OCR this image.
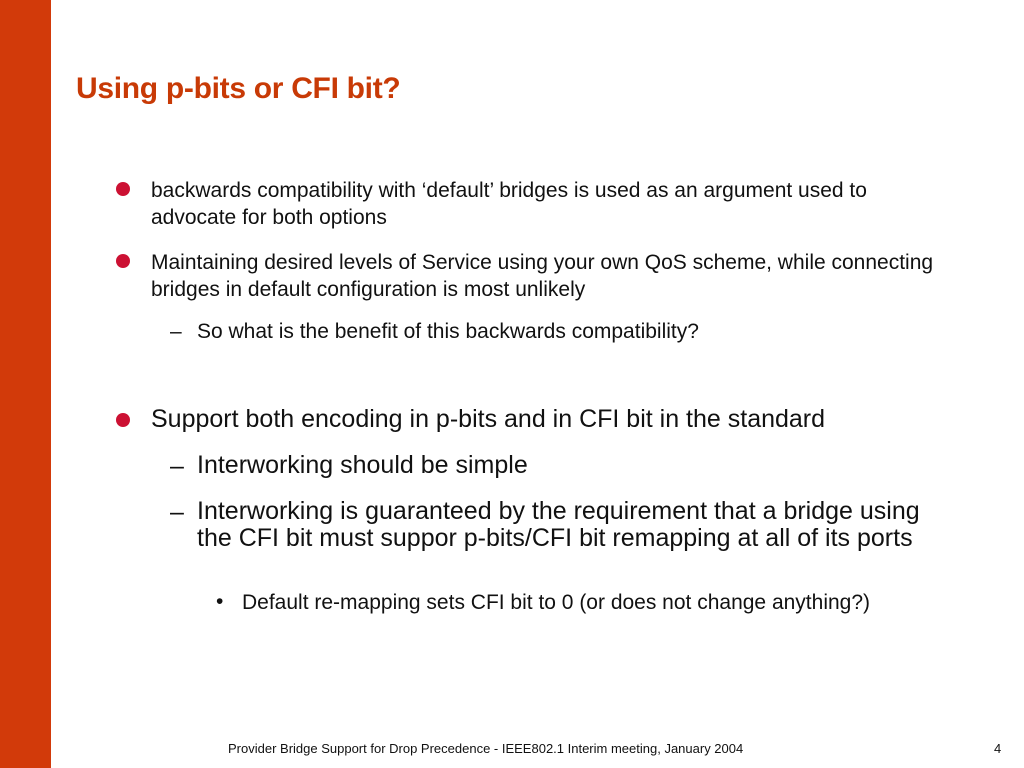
Using p-bits or CFI bit?

backwards compatibility with ‘default’ bridges is used as an argument used to advocate for both options

Maintaining desired levels of Service using your own QoS scheme, while connecting bridges in default configuration is most unlikely

– So what is the benefit of this backwards compatibility?

Support both encoding in p-bits and in CFI bit in the standard

– Interworking should be simple

– Interworking is guaranteed by the requirement that a bridge using the CFI bit must suppor p-bits/CFI bit remapping at all of its ports

• Default re-mapping sets CFI bit to 0 (or does not change anything?)

Provider Bridge Support for Drop Precedence - IEEE802.1 Interim meeting, January 2004	4
